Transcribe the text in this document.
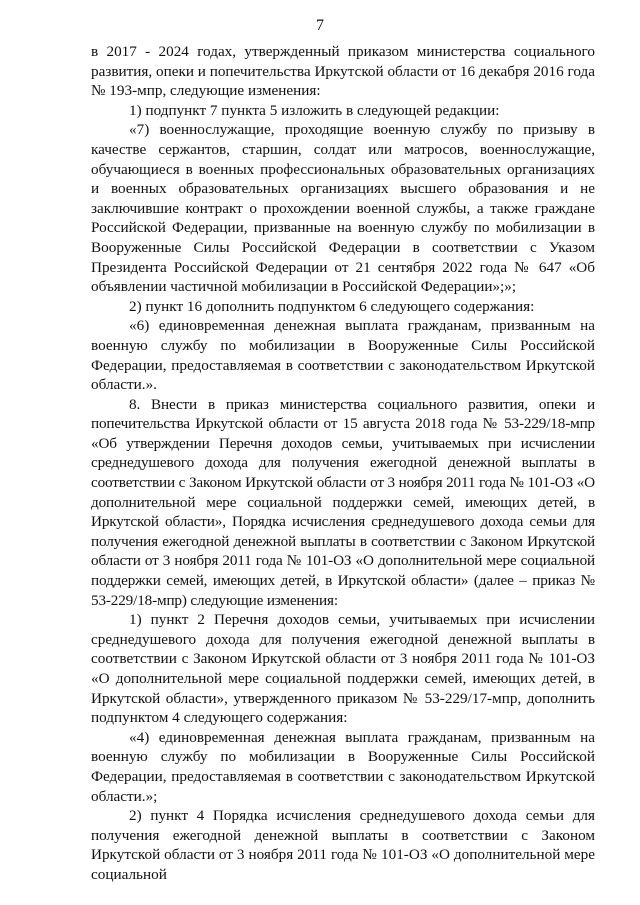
7

в 2017 - 2024 годах, утвержденный приказом министерства социального развития, опеки и попечительства Иркутской области от 16 декабря 2016 года № 193-мпр, следующие изменения:

1) подпункт 7 пункта 5 изложить в следующей редакции:

«7) военнослужащие, проходящие военную службу по призыву в качестве сержантов, старшин, солдат или матросов, военнослужащие, обучающиеся в военных профессиональных образовательных организациях и военных образовательных организациях высшего образования и не заключившие контракт о прохождении военной службы, а также граждане Российской Федерации, призванные на военную службу по мобилизации в Вооруженные Силы Российской Федерации в соответствии с Указом Президента Российской Федерации от 21 сентября 2022 года № 647 «Об объявлении частичной мобилизации в Российской Федерации»;»;

2) пункт 16 дополнить подпунктом 6 следующего содержания:

«6) единовременная денежная выплата гражданам, призванным на военную службу по мобилизации в Вооруженные Силы Российской Федерации, предоставляемая в соответствии с законодательством Иркутской области.».

8. Внести в приказ министерства социального развития, опеки и попечительства Иркутской области от 15 августа 2018 года № 53-229/18-мпр «Об утверждении Перечня доходов семьи, учитываемых при исчислении среднедушевого дохода для получения ежегодной денежной выплаты в соответствии с Законом Иркутской области от 3 ноября 2011 года № 101-ОЗ «О дополнительной мере социальной поддержки семей, имеющих детей, в Иркутской области», Порядка исчисления среднедушевого дохода семьи для получения ежегодной денежной выплаты в соответствии с Законом Иркутской области от 3 ноября 2011 года № 101-ОЗ «О дополнительной мере социальной поддержки семей, имеющих детей, в Иркутской области» (далее – приказ № 53-229/18-мпр) следующие изменения:

1) пункт 2 Перечня доходов семьи, учитываемых при исчислении среднедушевого дохода для получения ежегодной денежной выплаты в соответствии с Законом Иркутской области от 3 ноября 2011 года № 101-ОЗ «О дополнительной мере социальной поддержки семей, имеющих детей, в Иркутской области», утвержденного приказом № 53-229/17-мпр, дополнить подпунктом 4 следующего содержания:

«4) единовременная денежная выплата гражданам, призванным на военную службу по мобилизации в Вооруженные Силы Российской Федерации, предоставляемая в соответствии с законодательством Иркутской области.»;

2) пункт 4 Порядка исчисления среднедушевого дохода семьи для получения ежегодной денежной выплаты в соответствии с Законом Иркутской области от 3 ноября 2011 года № 101-ОЗ «О дополнительной мере социальной
